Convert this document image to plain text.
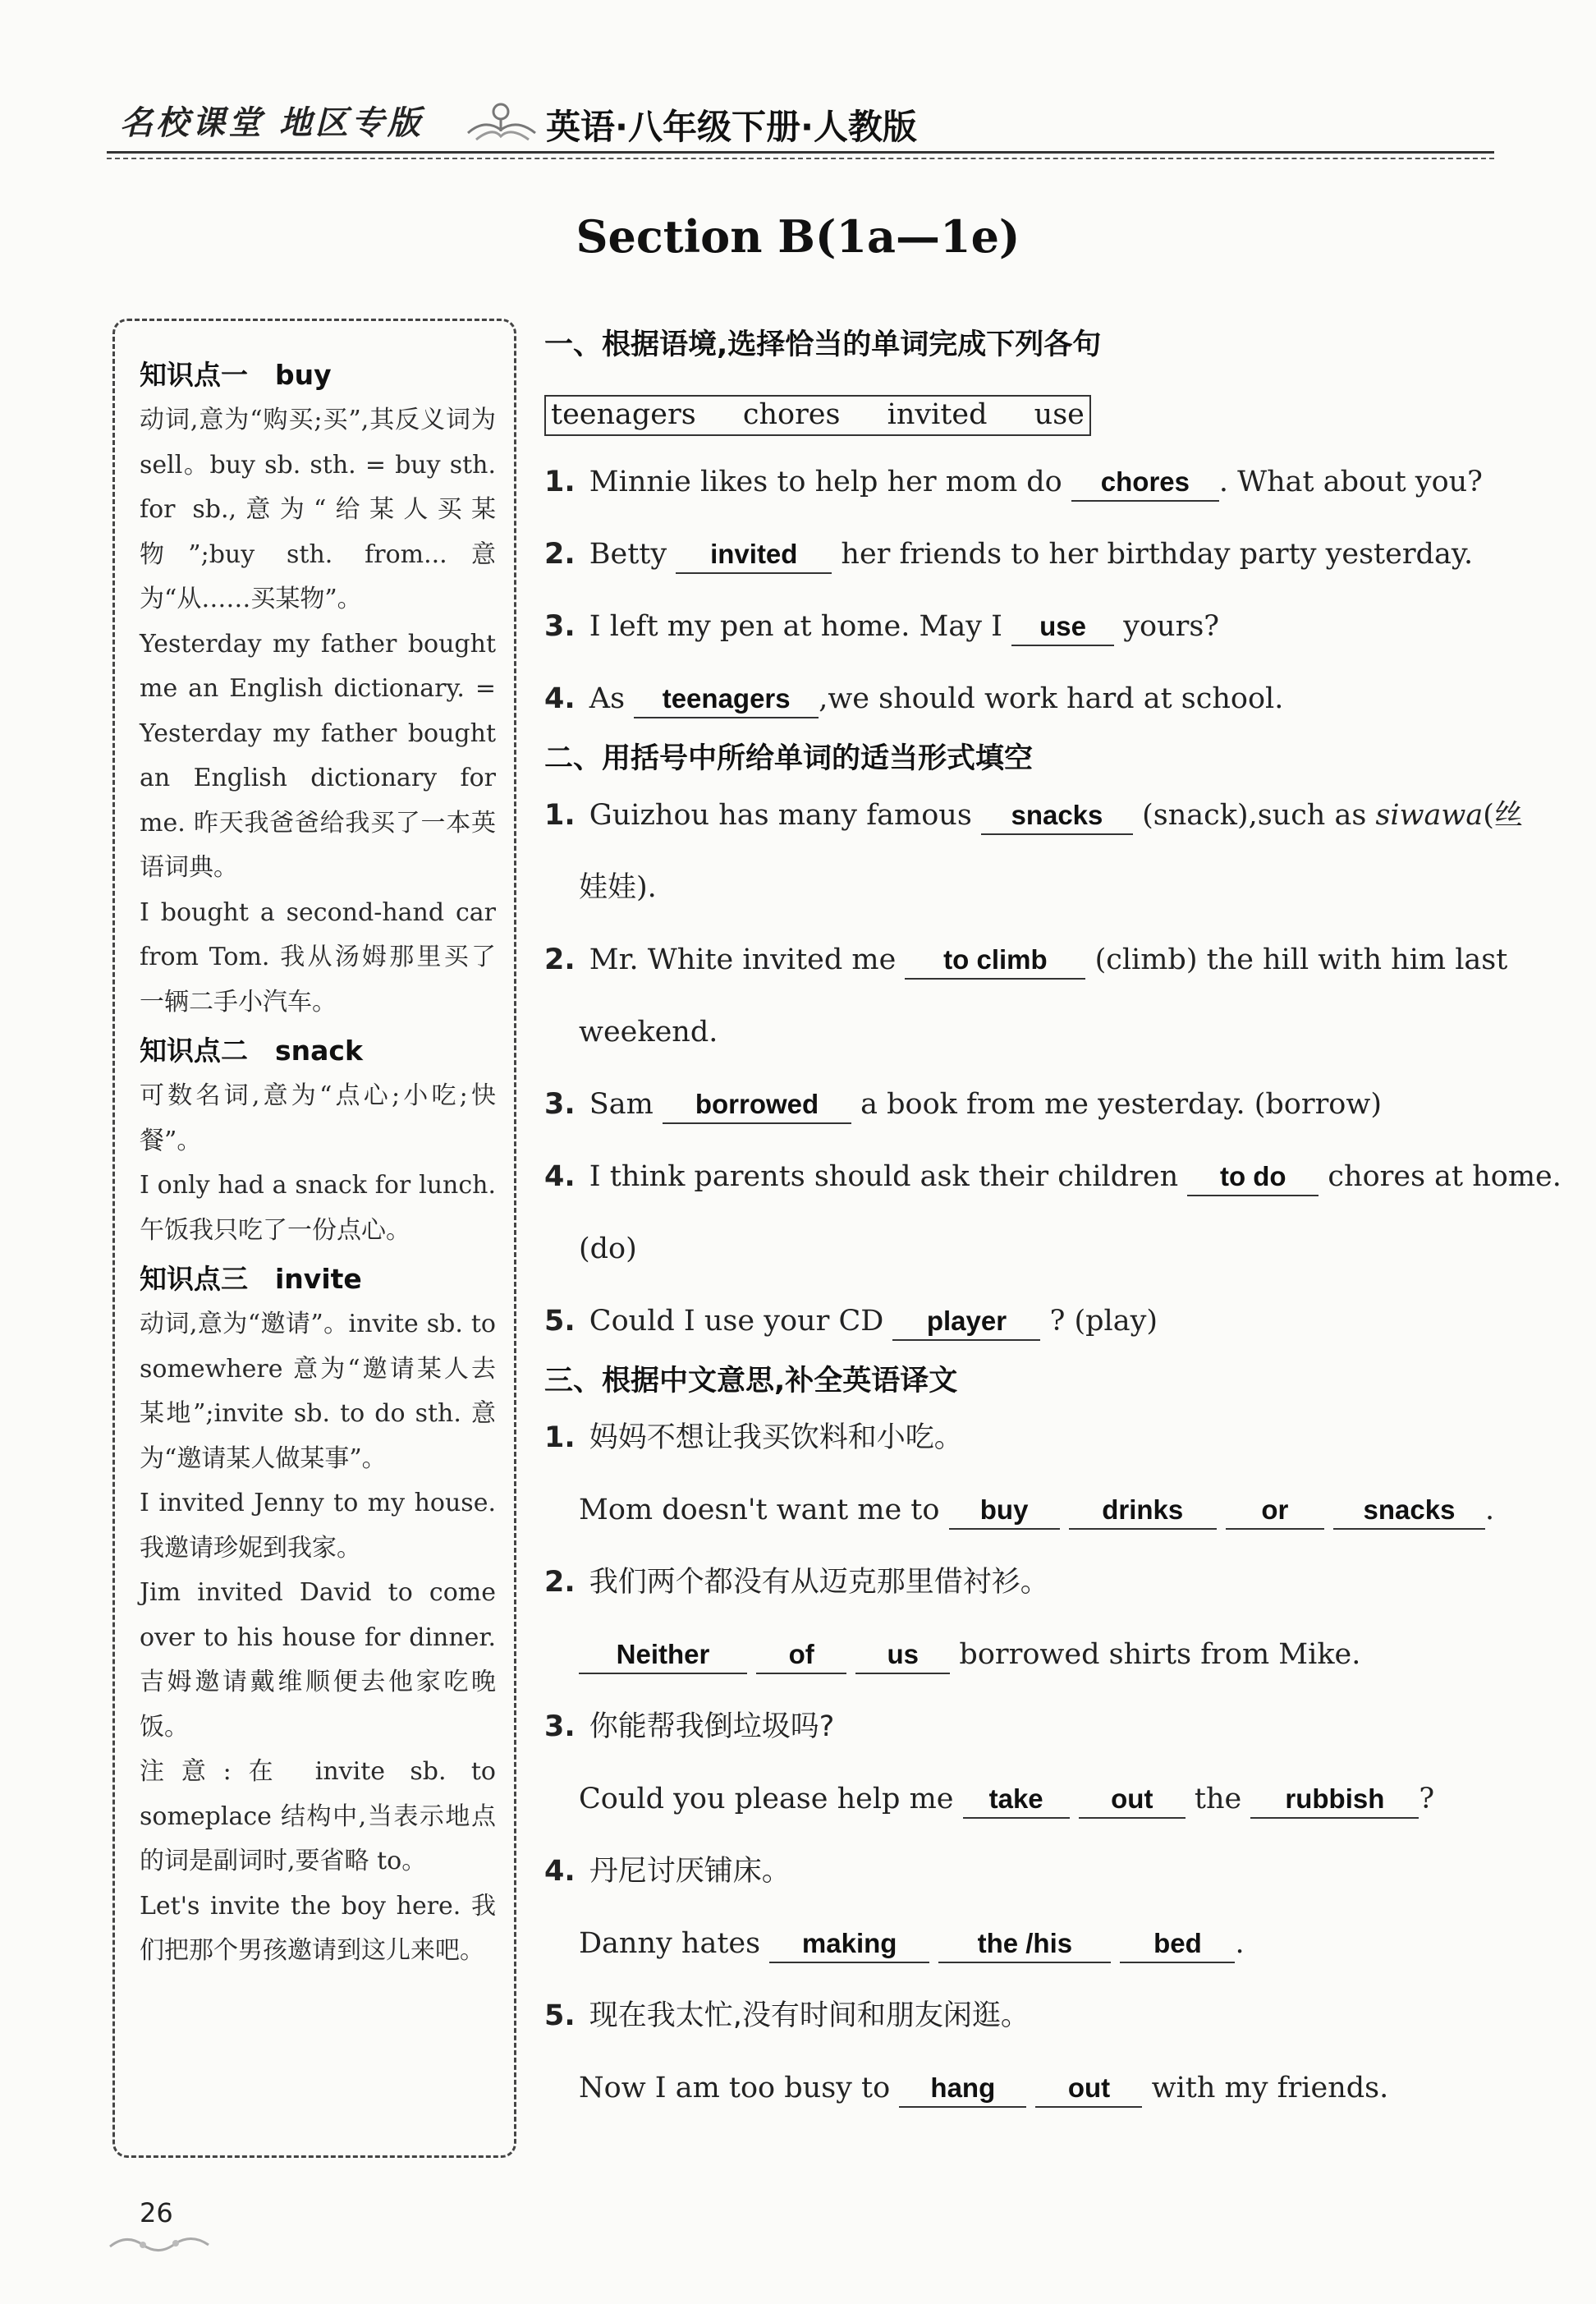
名校课堂 地区专版	英语·八年级下册·人教版
Section B(1a—1e)
知识点一　buy

动词,意为“购买;买”,其反义词为 sell。buy sb. sth. = buy sth. for sb.,意为“给某人买某物”;buy sth. from...意为“从……买某物”。

Yesterday my father bought me an English dictionary. = Yesterday my father bought an English dictionary for me. 昨天我爸爸给我买了一本英语词典。

I bought a second-hand car from Tom. 我从汤姆那里买了一辆二手小汽车。

知识点二　snack

可数名词,意为“点心;小吃;快餐”。

I only had a snack for lunch. 午饭我只吃了一份点心。

知识点三　invite

动词,意为“邀请”。invite sb. to somewhere 意为“邀请某人去某地”;invite sb. to do sth. 意为“邀请某人做某事”。

I invited Jenny to my house. 我邀请珍妮到我家。

Jim invited David to come over to his house for dinner. 吉姆邀请戴维顺便去他家吃晚饭。

注意:在 invite sb. to someplace 结构中,当表示地点的词是副词时,要省略 to。

Let's invite the boy here. 我们把那个男孩邀请到这儿来吧。

一、根据语境,选择恰当的单词完成下列各句
teenagers chores invited use
1. Minnie likes to help her mom do chores . What about you?
2. Betty invited her friends to her birthday party yesterday.
3. I left my pen at home. May I use yours?
4. As teenagers ,we should work hard at school.
二、用括号中所给单词的适当形式填空
1. Guizhou has many famous snacks (snack),such as siwawa(丝
娃娃).
2. Mr. White invited me to climb (climb) the hill with him last
weekend.
3. Sam borrowed a book from me yesterday. (borrow)
4. I think parents should ask their children to do chores at home.
(do)
5. Could I use your CD player ? (play)
三、根据中文意思,补全英语译文
1. 妈妈不想让我买饮料和小吃。
Mom doesn't want me to buy	drinks	or	snacks .
2. 我们两个都没有从迈克那里借衬衫。
Neither	of	us borrowed shirts from Mike.
3. 你能帮我倒垃圾吗?
Could you please help me take out the rubbish ?
4. 丹尼讨厌铺床。
Danny hates making	the /his	bed .
5. 现在我太忙,没有时间和朋友闲逛。
Now I am too busy to hang	out with my friends.
26
